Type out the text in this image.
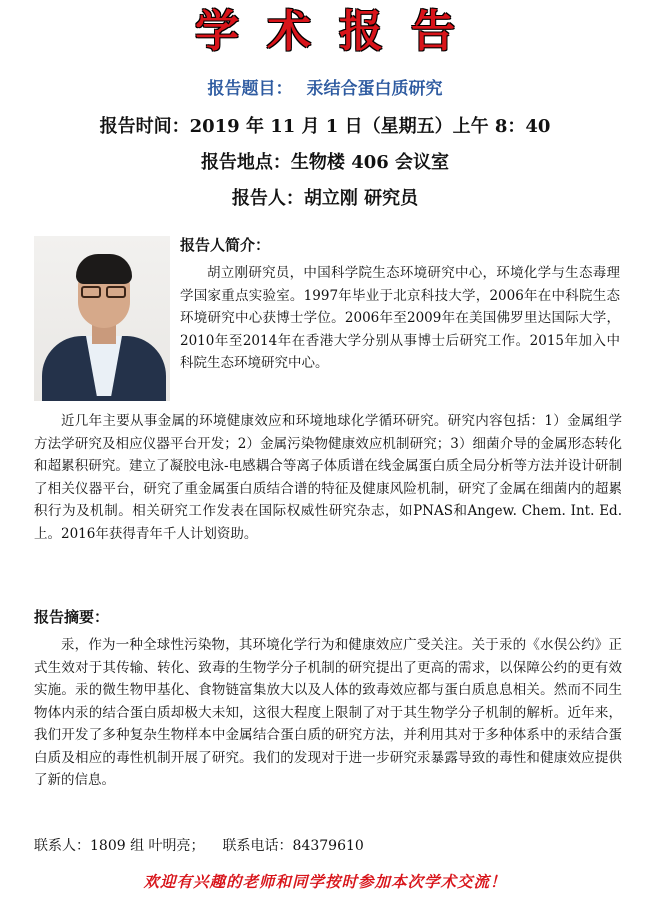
学术报告
报告题目： 汞结合蛋白质研究
报告时间：2019 年 11 月 1 日（星期五）上午 8：40
报告地点：生物楼 406 会议室
报告人：胡立刚 研究员
报告人简介：
胡立刚研究员，中国科学院生态环境研究中心，环境化学与生态毒理学国家重点实验室。1997年毕业于北京科技大学，2006年在中科院生态环境研究中心获博士学位。2006年至2009年在美国佛罗里达国际大学，2010年至2014年在香港大学分别从事博士后研究工作。2015年加入中科院生态环境研究中心。
近几年主要从事金属的环境健康效应和环境地球化学循环研究。研究内容包括：1）金属组学方法学研究及相应仪器平台开发；2）金属污染物健康效应机制研究；3）细菌介导的金属形态转化和超累积研究。建立了凝胶电泳-电感耦合等离子体质谱在线金属蛋白质全局分析等方法并设计研制了相关仪器平台，研究了重金属蛋白质结合谱的特征及健康风险机制，研究了金属在细菌内的超累积行为及机制。相关研究工作发表在国际权威性研究杂志，如PNAS和Angew. Chem. Int. Ed.上。2016年获得青年千人计划资助。
报告摘要：
汞，作为一种全球性污染物，其环境化学行为和健康效应广受关注。关于汞的《水俣公约》正式生效对于其传输、转化、致毒的生物学分子机制的研究提出了更高的需求，以保障公约的更有效实施。汞的微生物甲基化、食物链富集放大以及人体的致毒效应都与蛋白质息息相关。然而不同生物体内汞的结合蛋白质却极大未知，这很大程度上限制了对于其生物学分子机制的解析。近年来，我们开发了多种复杂生物样本中金属结合蛋白质的研究方法，并利用其对于多种体系中的汞结合蛋白质及相应的毒性机制开展了研究。我们的发现对于进一步研究汞暴露导致的毒性和健康效应提供了新的信息。
联系人：1809 组 叶明亮； 联系电话：84379610
欢迎有兴趣的老师和同学按时参加本次学术交流！
